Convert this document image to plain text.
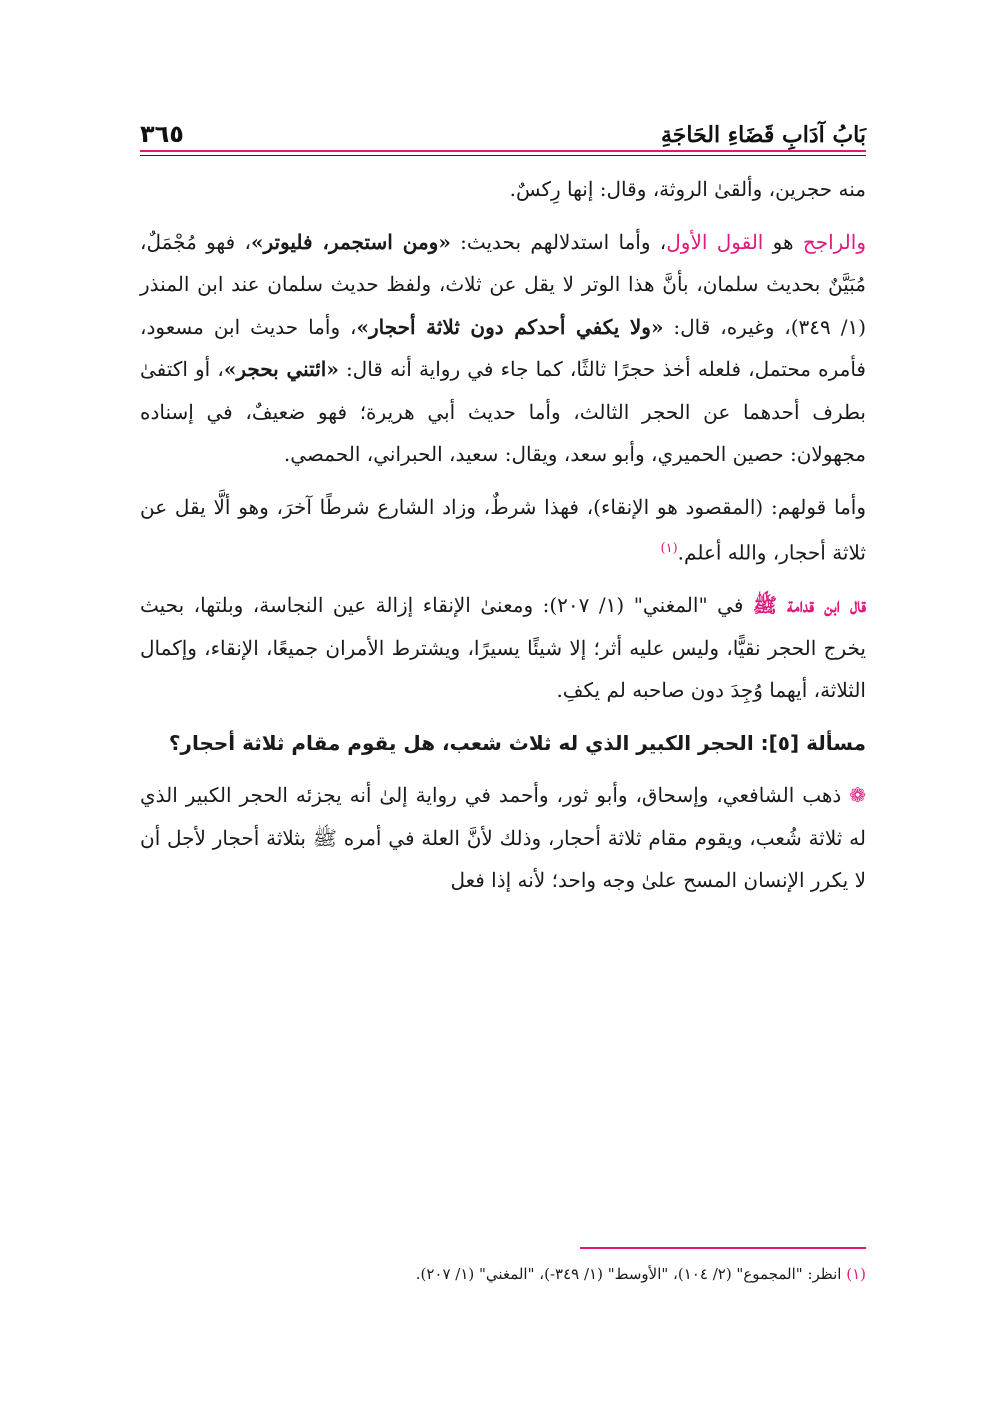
بَابُ آدَابِ قَضَاءِ الحَاجَةِ
٣٦٥

منه حجرين، وألقىٰ الروثة، وقال: إنها رِكسٌ.

والراجح هو القول الأول، وأما استدلالهم بحديث: «ومن استجمر، فليوتر»، فهو مُجْمَلٌ، مُبَيَّنٌ بحديث سلمان، بأنَّ هذا الوتر لا يقل عن ثلاث، ولفظ حديث سلمان عند ابن المنذر (١/ ٣٤٩)، وغيره، قال: «ولا يكفي أحدكم دون ثلاثة أحجار»، وأما حديث ابن مسعود، فأمره محتمل، فلعله أخذ حجرًا ثالثًا، كما جاء في رواية أنه قال: «ائتني بحجر»، أو اكتفىٰ بطرف أحدهما عن الحجر الثالث، وأما حديث أبي هريرة؛ فهو ضعيفٌ، في إسناده مجهولان: حصين الحميري، وأبو سعد، ويقال: سعيد، الحبراني، الحمصي.

وأما قولهم: (المقصود هو الإنقاء)، فهذا شرطٌ، وزاد الشارع شرطًا آخرَ، وهو ألَّا يقل عن ثلاثة أحجار، والله أعلم.$^{(١)}$

قال ابن قدامة ﷺ في "المغني" (١/ ٢٠٧): ومعنىٰ الإنقاء إزالة عين النجاسة، وبلتها، بحيث يخرج الحجر نقيًّا، وليس عليه أثر؛ إلا شيئًا يسيرًا، ويشترط الأمران جميعًا، الإنقاء، وإكمال الثلاثة، أيهما وُجِدَ دون صاحبه لم يكفِ.

مسألة [٥]: الحجر الكبير الذي له ثلاث شعب، هل يقوم مقام ثلاثة أحجار؟

❁ ذهب الشافعي، وإسحاق، وأبو ثور، وأحمد في رواية إلىٰ أنه يجزئه الحجر الكبير الذي له ثلاثة شُعب، ويقوم مقام ثلاثة أحجار، وذلك لأنَّ العلة في أمره ﷺ بثلاثة أحجار لأجل أن لا يكرر الإنسان المسح علىٰ وجه واحد؛ لأنه إذا فعل

(١) انظر: "المجموع" (٢/ ١٠٤)، "الأوسط" (١/ ٣٤٩-)، "المغني" (١/ ٢٠٧).
